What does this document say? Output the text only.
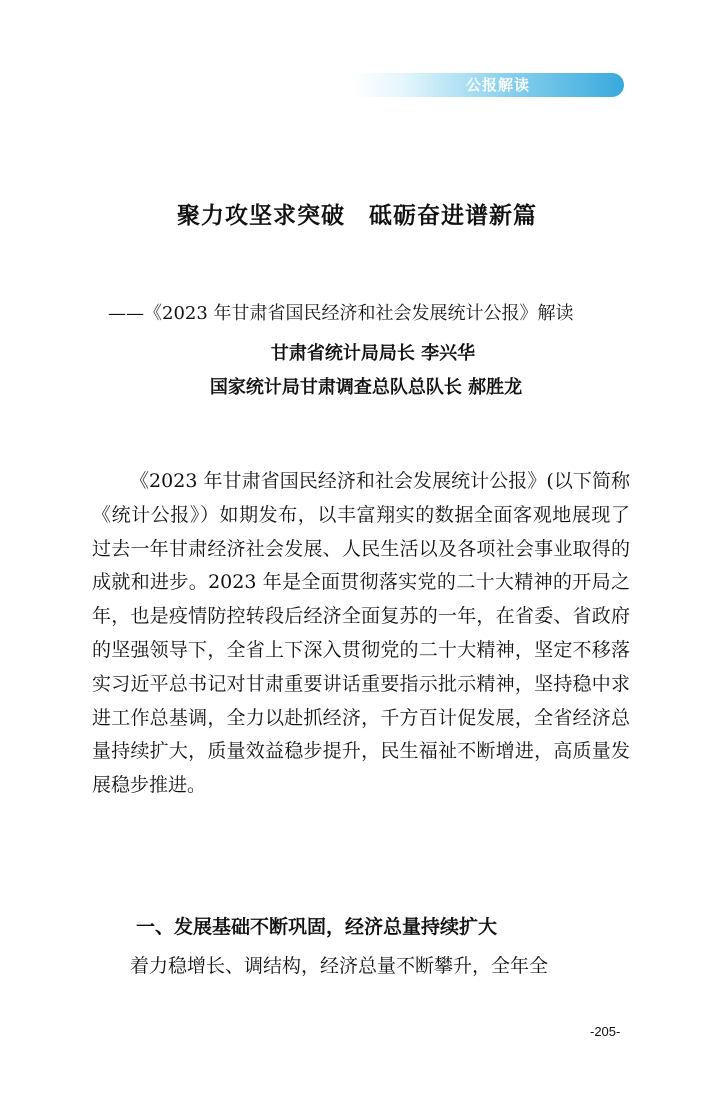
公报解读
聚力攻坚求突破　砥砺奋进谱新篇
——《2023 年甘肃省国民经济和社会发展统计公报》解读
甘肃省统计局局长 李兴华
国家统计局甘肃调查总队总队长 郝胜龙

《2023 年甘肃省国民经济和社会发展统计公报》(以下简称《统计公报》）如期发布，以丰富翔实的数据全面客观地展现了过去一年甘肃经济社会发展、人民生活以及各项社会事业取得的成就和进步。2023 年是全面贯彻落实党的二十大精神的开局之年，也是疫情防控转段后经济全面复苏的一年，在省委、省政府的坚强领导下，全省上下深入贯彻党的二十大精神，坚定不移落实习近平总书记对甘肃重要讲话重要指示批示精神，坚持稳中求进工作总基调，全力以赴抓经济，千方百计促发展，全省经济总量持续扩大，质量效益稳步提升，民生福祉不断增进，高质量发展稳步推进。

一、发展基础不断巩固，经济总量持续扩大

着力稳增长、调结构，经济总量不断攀升，全年全

-205-
